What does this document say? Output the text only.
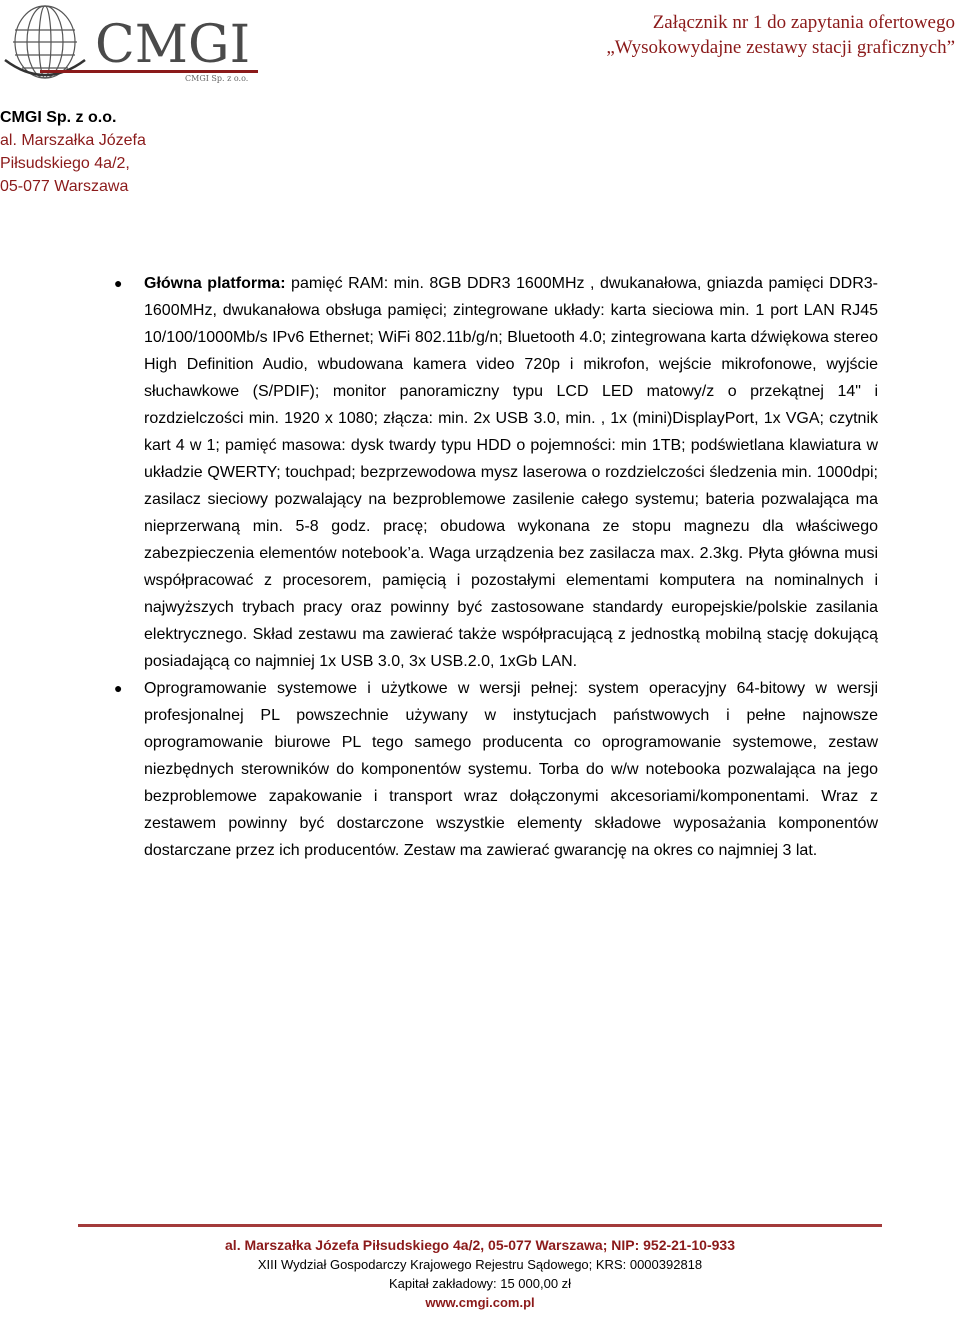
CMGI
CMGI Sp. z o.o.
Załącznik nr 1 do zapytania ofertowego
„Wysokowydajne zestawy stacji graficznych”
CMGI Sp. z o.o.
al. Marszałka Józefa
Piłsudskiego 4a/2,
05-077 Warszawa
● Główna platforma: pamięć RAM: min. 8GB DDR3 1600MHz , dwukanałowa, gniazda pamięci DDR3-1600MHz, dwukanałowa obsługa pamięci; zintegrowane układy: karta sieciowa min. 1 port LAN RJ45 10/100/1000Mb/s IPv6 Ethernet; WiFi 802.11b/g/n; Bluetooth 4.0; zintegrowana karta dźwiękowa stereo High Definition Audio, wbudowana kamera video 720p i mikrofon, wejście mikrofonowe, wyjście słuchawkowe (S/PDIF); monitor panoramiczny typu LCD LED matowy/z o przekątnej 14" i rozdzielczości min. 1920 x 1080; złącza: min. 2x USB 3.0, min. , 1x (mini)DisplayPort, 1x VGA; czytnik kart 4 w 1; pamięć masowa: dysk twardy typu HDD o pojemności: min 1TB; podświetlana klawiatura w układzie QWERTY; touchpad; bezprzewodowa mysz laserowa o rozdzielczości śledzenia min. 1000dpi; zasilacz sieciowy pozwalający na bezproblemowe zasilenie całego systemu; bateria pozwalająca ma nieprzerwaną min. 5-8 godz. pracę; obudowa wykonana ze stopu magnezu dla właściwego zabezpieczenia elementów notebook’a. Waga urządzenia bez zasilacza max. 2.3kg. Płyta główna musi współpracować z procesorem, pamięcią i pozostałymi elementami komputera na nominalnych i najwyższych trybach pracy oraz powinny być zastosowane standardy europejskie/polskie zasilania elektrycznego. Skład zestawu ma zawierać także współpracującą z jednostką mobilną stację dokującą posiadającą co najmniej 1x USB 3.0, 3x USB.2.0, 1xGb LAN.
● Oprogramowanie systemowe i użytkowe w wersji pełnej: system operacyjny 64-bitowy w wersji profesjonalnej PL powszechnie używany w instytucjach państwowych i pełne najnowsze oprogramowanie biurowe PL tego samego producenta co oprogramowanie systemowe, zestaw niezbędnych sterowników do komponentów systemu. Torba do w/w notebooka pozwalająca na jego bezproblemowe zapakowanie i transport wraz dołączonymi akcesoriami/komponentami. Wraz z zestawem powinny być dostarczone wszystkie elementy składowe wyposażania komponentów dostarczane przez ich producentów. Zestaw ma zawierać gwarancję na okres co najmniej 3 lat.
al. Marszałka Józefa Piłsudskiego 4a/2, 05-077 Warszawa; NIP: 952-21-10-933
XIII Wydział Gospodarczy Krajowego Rejestru Sądowego; KRS: 0000392818
Kapitał zakładowy: 15 000,00 zł
www.cmgi.com.pl
